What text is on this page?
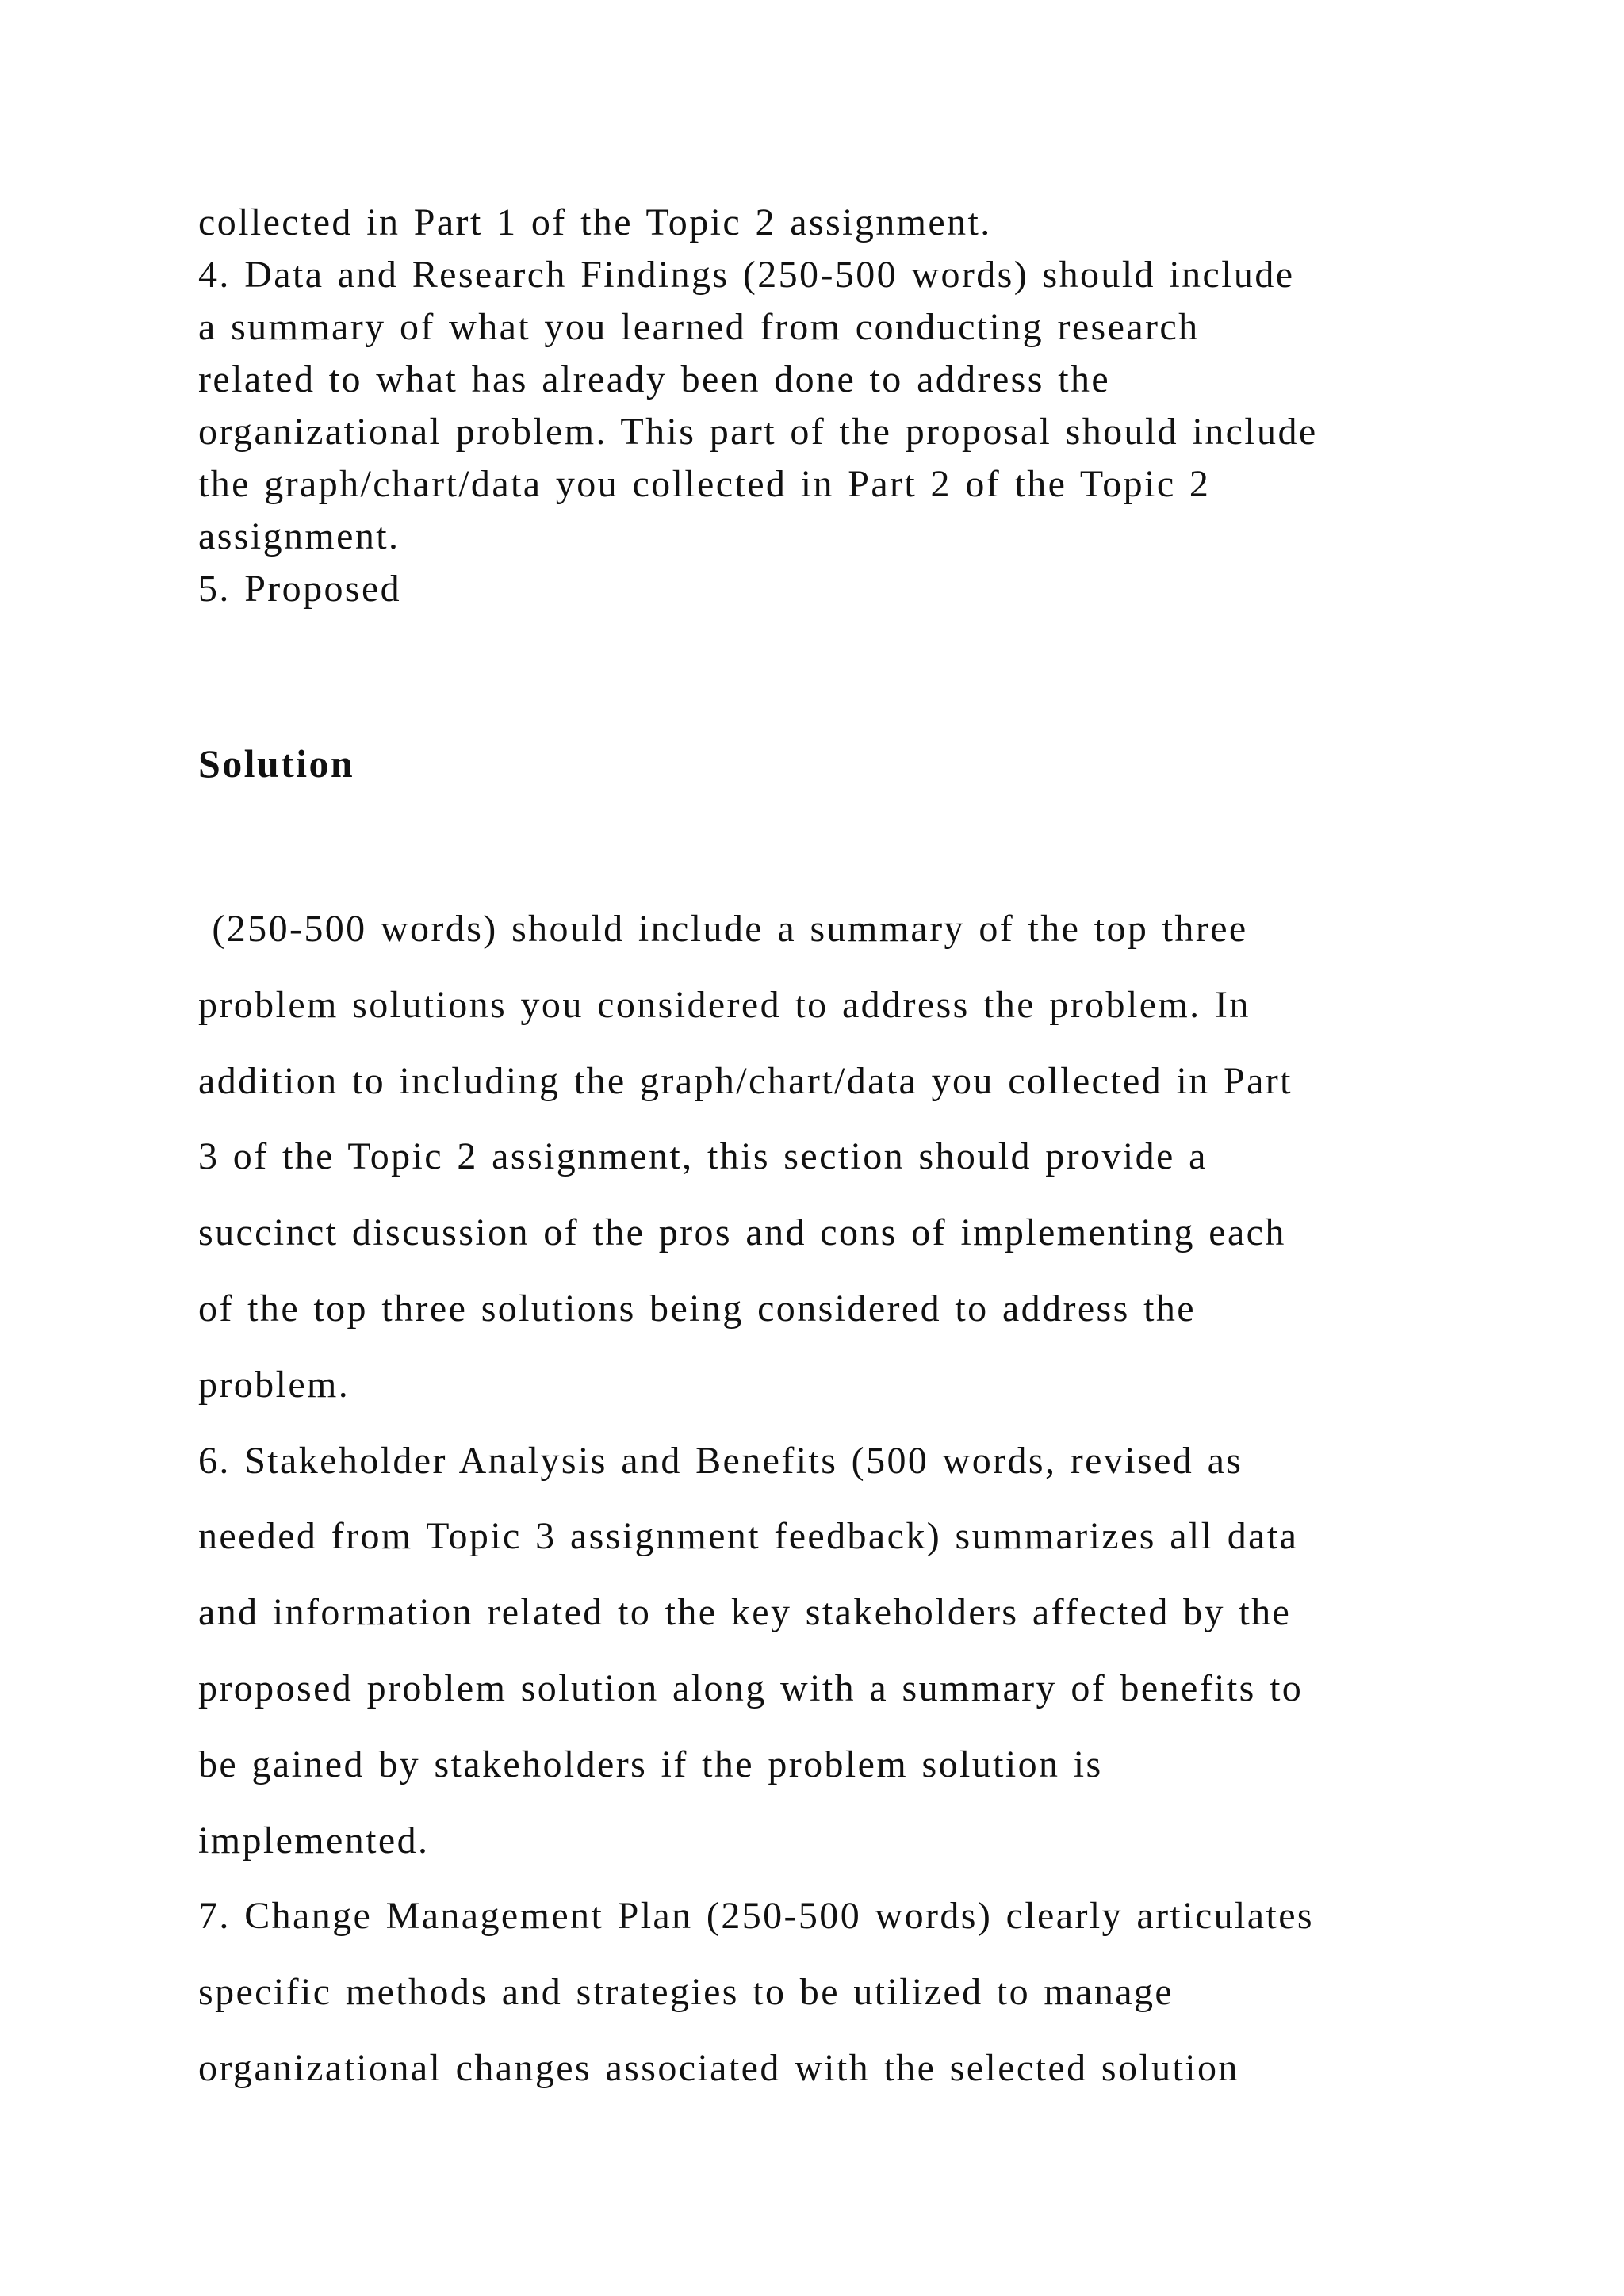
collected in Part 1 of the Topic 2 assignment.
4. Data and Research Findings (250-500 words) should include
a summary of what you learned from conducting research
related to what has already been done to address the
organizational problem. This part of the proposal should include
the graph/chart/data you collected in Part 2 of the Topic 2
assignment.
5. Proposed
Solution
(250-500 words) should include a summary of the top three
problem solutions you considered to address the problem. In
addition to including the graph/chart/data you collected in Part
3 of the Topic 2 assignment, this section should provide a
succinct discussion of the pros and cons of implementing each
of the top three solutions being considered to address the
problem.
6. Stakeholder Analysis and Benefits (500 words, revised as
needed from Topic 3 assignment feedback) summarizes all data
and information related to the key stakeholders affected by the
proposed problem solution along with a summary of benefits to
be gained by stakeholders if the problem solution is
implemented.
7. Change Management Plan (250-500 words) clearly articulates
specific methods and strategies to be utilized to manage
organizational changes associated with the selected solution
